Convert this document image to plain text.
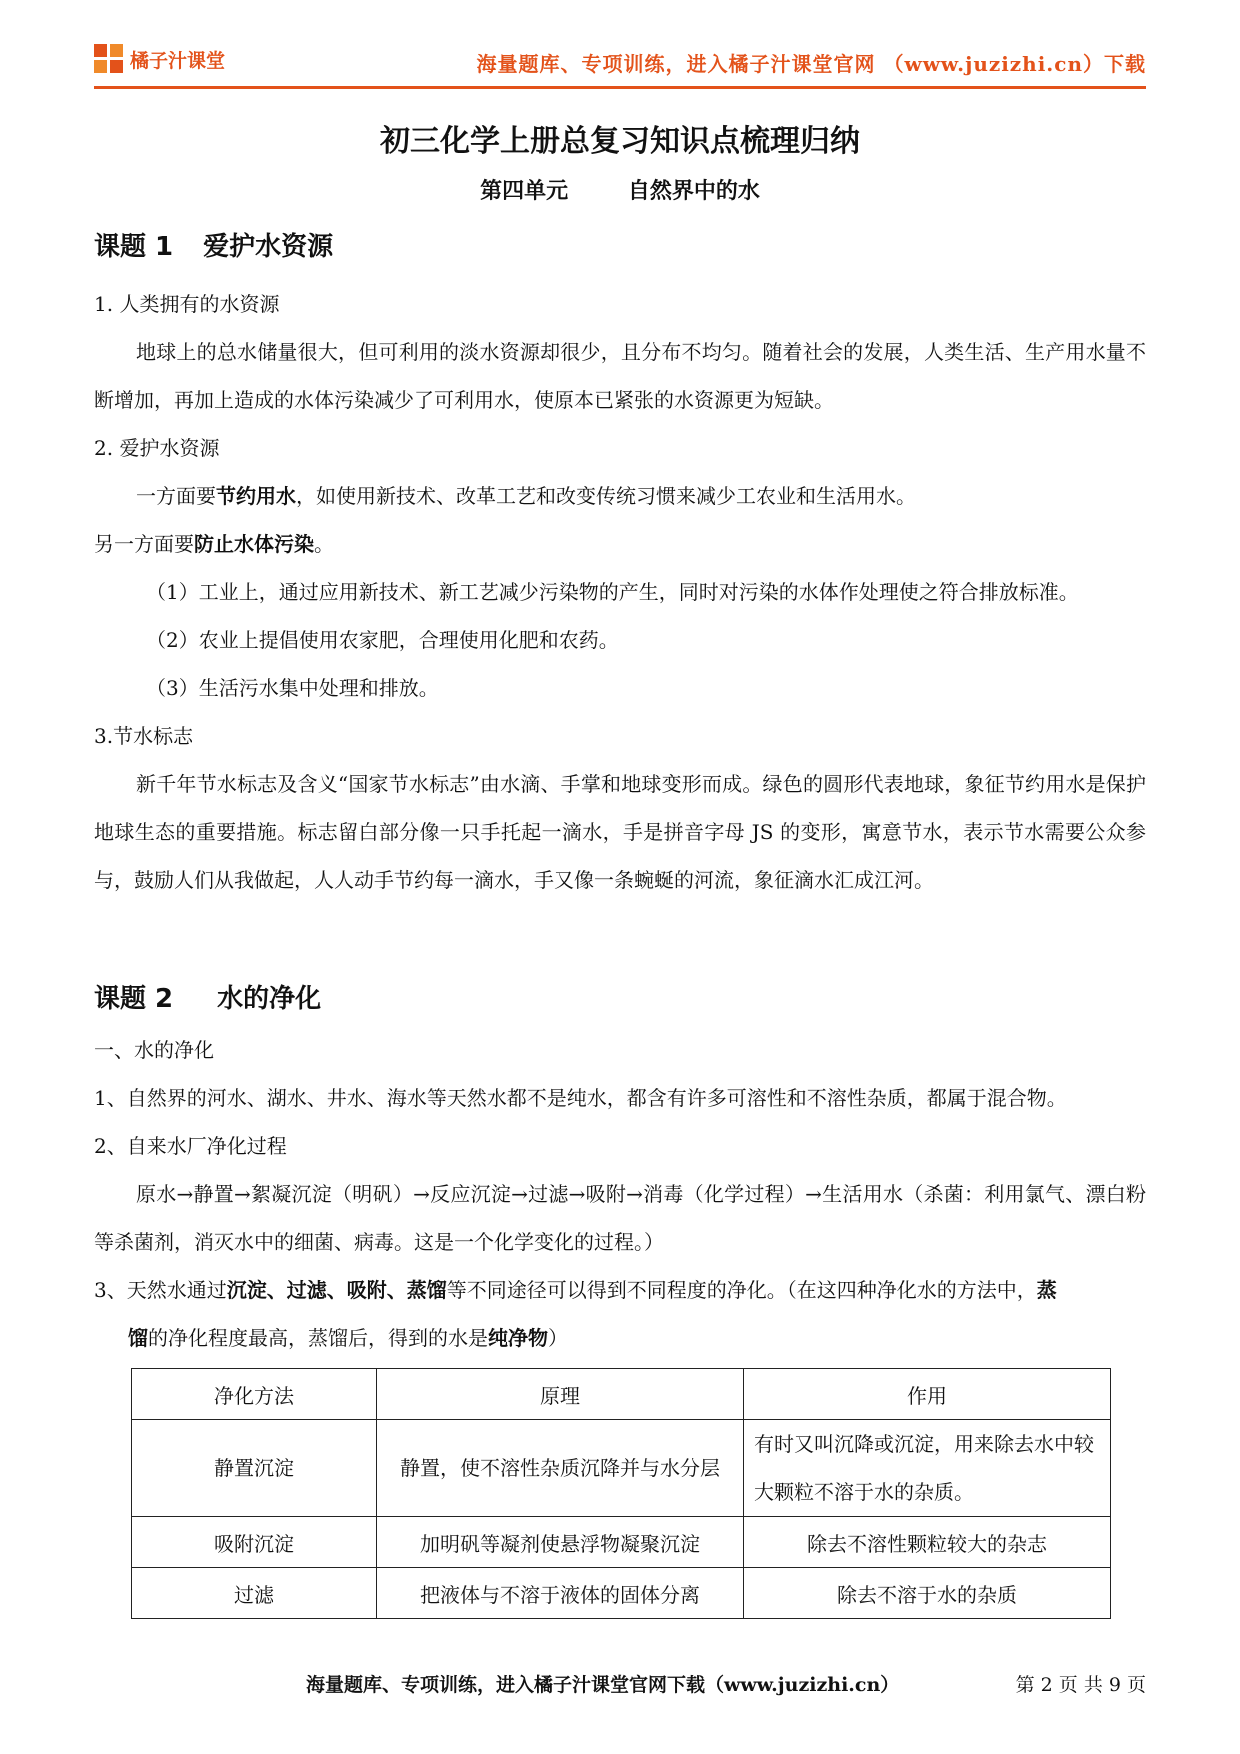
橘子汁课堂	海量题库、专项训练，进入橘子汁课堂官网 （www.juzizhi.cn）下载
初三化学上册总复习知识点梳理归纳
第四单元	自然界中的水
课题 1 爱护水资源
1. 人类拥有的水资源
地球上的总水储量很大，但可利用的淡水资源却很少，且分布不均匀。随着社会的发展，人类生活、生产用水量不断增加，再加上造成的水体污染减少了可利用水，使原本已紧张的水资源更为短缺。
2. 爱护水资源
一方面要节约用水，如使用新技术、改革工艺和改变传统习惯来减少工农业和生活用水。
另一方面要防止水体污染。
（1）工业上，通过应用新技术、新工艺减少污染物的产生，同时对污染的水体作处理使之符合排放标准。
（2）农业上提倡使用农家肥，合理使用化肥和农药。
（3）生活污水集中处理和排放。
3.节水标志
新千年节水标志及含义“国家节水标志”由水滴、手掌和地球变形而成。绿色的圆形代表地球，象征节约用水是保护地球生态的重要措施。标志留白部分像一只手托起一滴水，手是拼音字母 JS 的变形，寓意节水，表示节水需要公众参与，鼓励人们从我做起，人人动手节约每一滴水，手又像一条蜿蜒的河流，象征滴水汇成江河。
课题 2 水的净化
一、水的净化
1、自然界的河水、湖水、井水、海水等天然水都不是纯水，都含有许多可溶性和不溶性杂质，都属于混合物。
2、自来水厂净化过程
原水→静置→絮凝沉淀（明矾）→反应沉淀→过滤→吸附→消毒（化学过程）→生活用水（杀菌：利用氯气、漂白粉等杀菌剂，消灭水中的细菌、病毒。这是一个化学变化的过程。）
3、天然水通过沉淀、过滤、吸附、蒸馏等不同途径可以得到不同程度的净化。（在这四种净化水的方法中，蒸
馏的净化程度最高，蒸馏后，得到的水是纯净物）
净化方法	原理	作用
静置沉淀	静置，使不溶性杂质沉降并与水分层	有时又叫沉降或沉淀，用来除去水中较大颗粒不溶于水的杂质。
吸附沉淀	加明矾等凝剂使悬浮物凝聚沉淀	除去不溶性颗粒较大的杂志
过滤	把液体与不溶于液体的固体分离	除去不溶于水的杂质
海量题库、专项训练，进入橘子汁课堂官网下载（www.juzizhi.cn）	第 2 页 共 9 页
